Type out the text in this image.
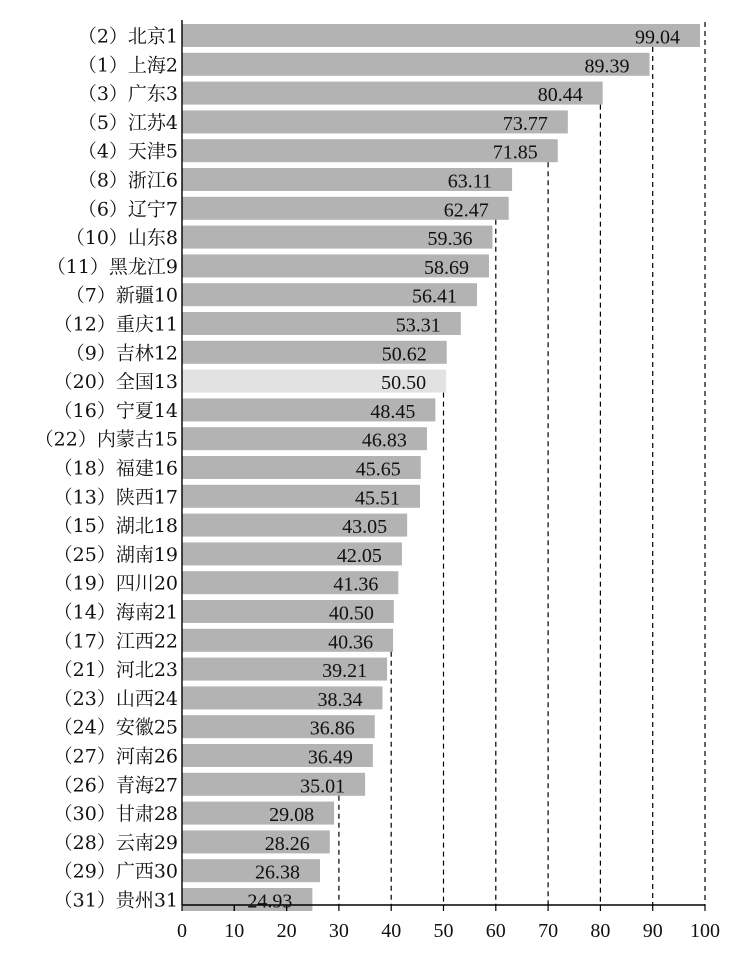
0 10 20 30 40 50 60 70 80 90 100
（2）北京1
（1）上海2
（3）广东3
（5）江苏4
（4）天津5
（8）浙江6
（6）辽宁7
（10）山东8
（11）黑龙江9
（7）新疆10
（12）重庆11
（9）吉林12
（20）全国13
（16）宁夏14
（22）内蒙古15
（18）福建16
（13）陕西17
（15）湖北18
（25）湖南19
（19）四川20
（14）海南21
（17）江西22
（21）河北23
（23）山西24
（24）安徽25
（27）河南26
（26）青海27
（30）甘肃28
（28）云南29
（29）广西30
（31）贵州31
99.04
89.39
80.44
73.77
71.85
63.11
62.47
59.36
58.69
56.41
53.31
50.62
50.50
48.45
46.83
45.65
45.51
43.05
42.05
41.36
40.50
40.36
39.21
38.34
36.86
36.49
35.01
29.08
28.26
26.38
24.93
